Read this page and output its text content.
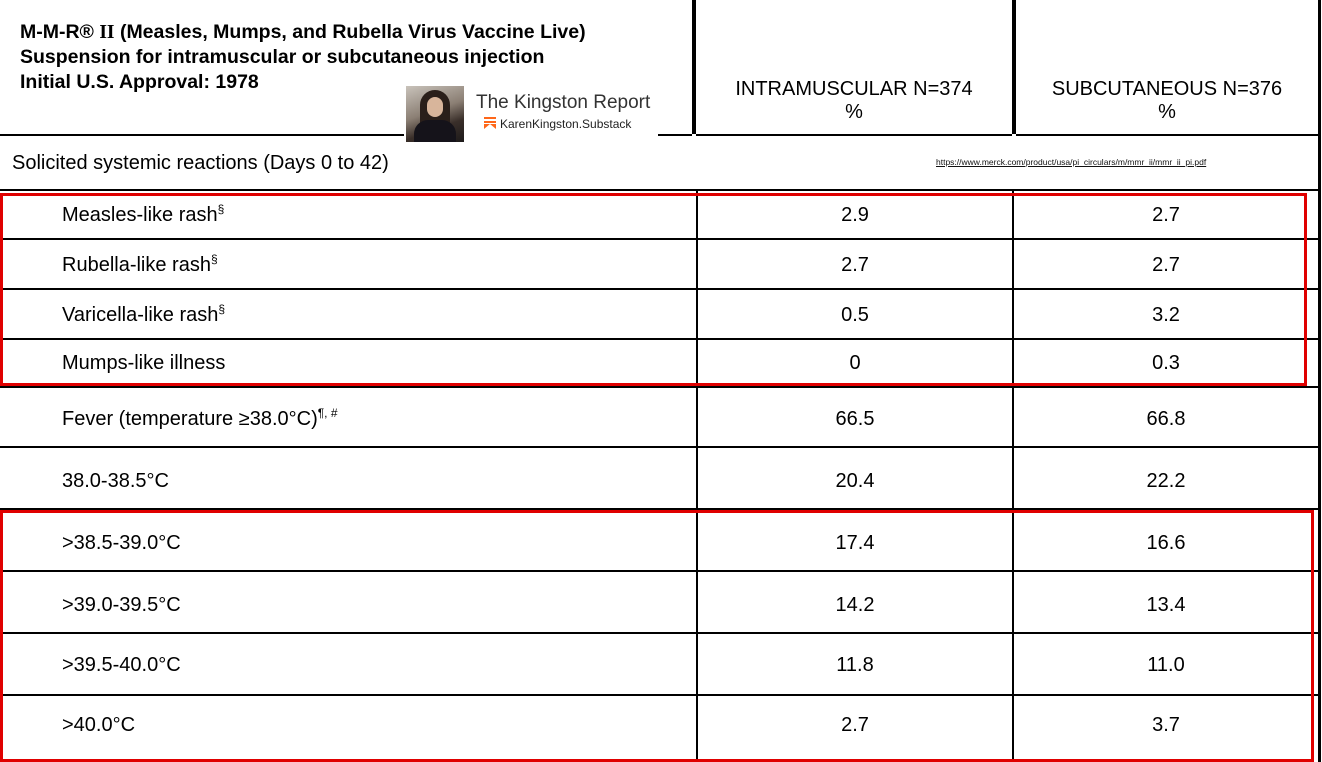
M-M-R® II (Measles, Mumps, and Rubella Virus Vaccine Live)
Suspension for intramuscular or subcutaneous injection
Initial U.S. Approval: 1978
The Kingston Report
KarenKingston.Substack
INTRAMUSCULAR N=374
%
SUBCUTANEOUS N=376
%
Solicited systemic reactions (Days 0 to 42)	https://www.merck.com/product/usa/pi_circulars/m/mmr_ii/mmr_ii_pi.pdf
Measles-like rash§	2.9	2.7
Rubella-like rash§	2.7	2.7
Varicella-like rash§	0.5	3.2
Mumps-like illness	0	0.3
Fever (temperature ≥38.0°C)¶, #	66.5	66.8
38.0-38.5°C	20.4	22.2
>38.5-39.0°C	17.4	16.6
>39.0-39.5°C	14.2	13.4
>39.5-40.0°C	11.8	11.0
>40.0°C	2.7	3.7
